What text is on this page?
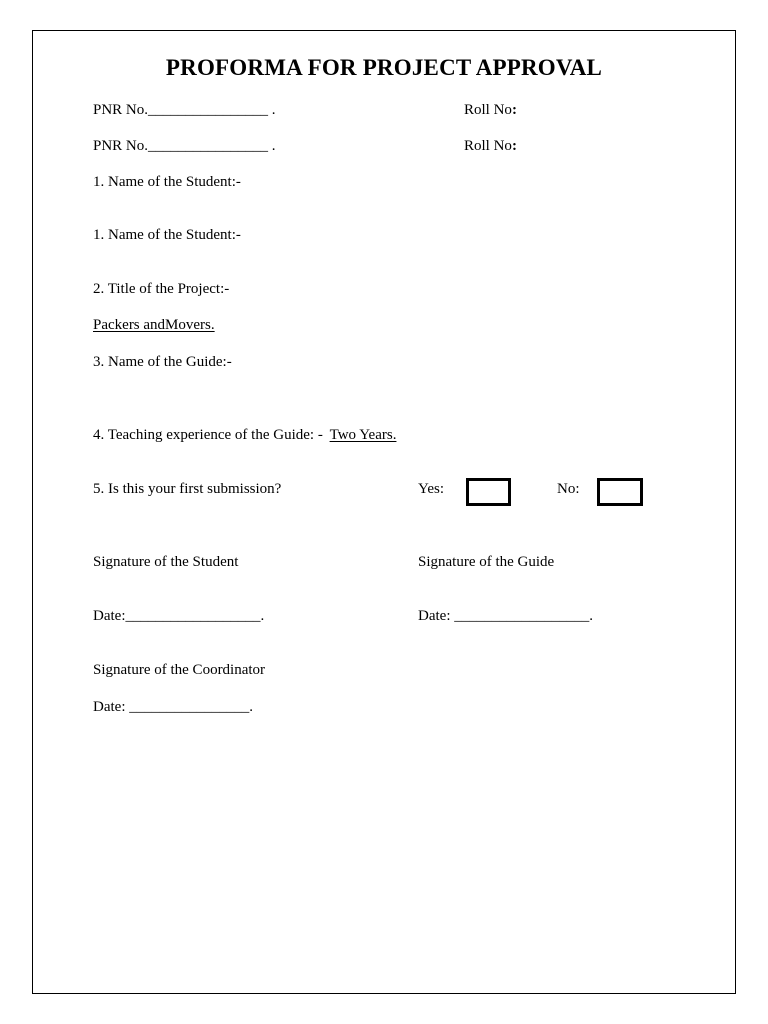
PROFORMA FOR PROJECT APPROVAL
PNR No.________________ .	Roll No:
PNR No.________________ .	Roll No:
1. Name of the Student:-
1. Name of the Student:-
2. Title of the Project:-
Packers andMovers.
3. Name of the Guide:-
4. Teaching experience of the Guide: - Two Years.
5. Is this your first submission?	Yes:	No:
Signature of the Student	Signature of the Guide
Date:__________________.	Date: __________________.
Signature of the Coordinator
Date: ________________.
